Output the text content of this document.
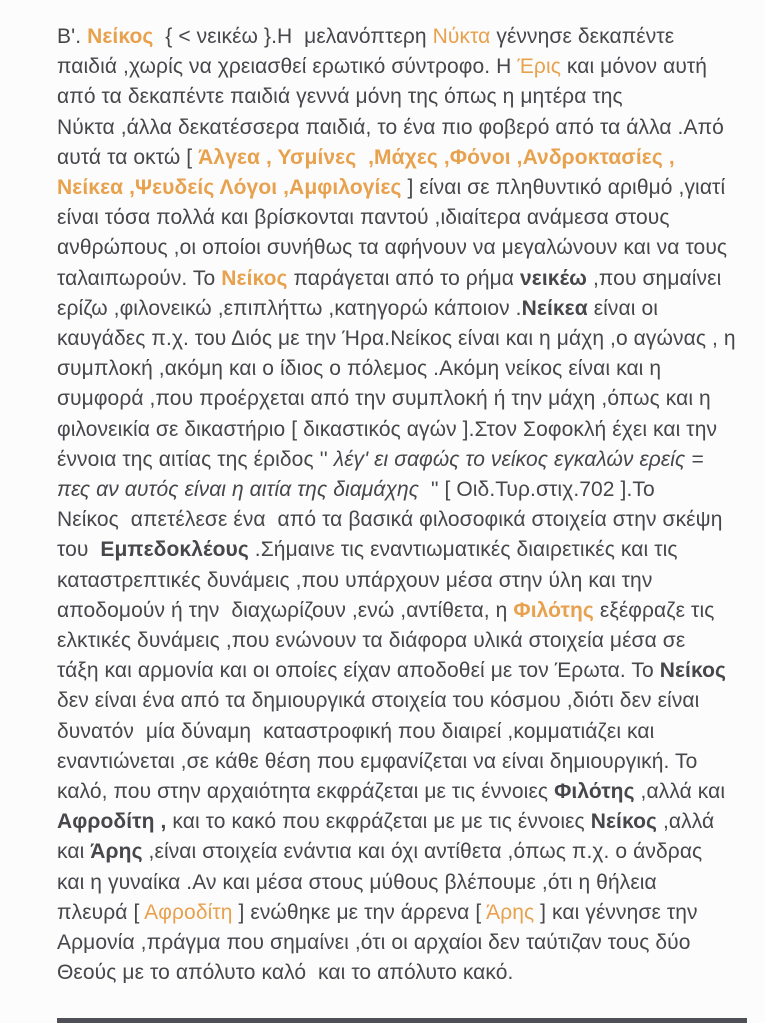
Β'. Νείκος  { < νεικέω }.Η  μελανόπτερη Νύκτα γέννησε δεκαπέντε
παιδιά ,χωρίς να χρειασθεί ερωτικό σύντροφο. Η Έρις και μόνον αυτή
από τα δεκαπέντε παιδιά γεννά μόνη της όπως η μητέρα της
Νύκτα ,άλλα δεκατέσσερα παιδιά, το ένα πιο φοβερό από τα άλλα .Από
αυτά τα οκτώ [ Άλγεα , Υσμίνες  ,Μάχες ,Φόνοι ,Ανδροκτασίες ,
Νείκεα ,Ψευδείς Λόγοι ,Αμφιλογίες ] είναι σε πληθυντικό αριθμό ,γιατί
είναι τόσα πολλά και βρίσκονται παντού ,ιδιαίτερα ανάμεσα στους
ανθρώπους ,οι οποίοι συνήθως τα αφήνουν να μεγαλώνουν και να τους
ταλαιπωρούν. Το Νείκος παράγεται από το ρήμα νεικέω ,που σημαίνει
ερίζω ,φιλονεικώ ,επιπλήττω ,κατηγορώ κάποιον .Νείκεα είναι οι
καυγάδες π.χ. του Διός με την Ήρα.Νείκος είναι και η μάχη ,ο αγώνας , η
συμπλοκή ,ακόμη και ο ίδιος ο πόλεμος .Ακόμη νείκος είναι και η
συμφορά ,που προέρχεται από την συμπλοκή ή την μάχη ,όπως και η
φιλονεικία σε δικαστήριο [ δικαστικός αγών ].Στον Σοφοκλή έχει και την
έννοια της αιτίας της έριδος '' λέγ' ει σαφώς το νείκος εγκαλών ερείς =
πες αν αυτός είναι η αιτία της διαμάχης  " [ Οιδ.Τυρ.στιχ.702 ].Το
Νείκος  απετέλεσε ένα  από τα βασικά φιλοσοφικά στοιχεία στην σκέψη
του  Εμπεδοκλέους .Σήμαινε τις εναντιωματικές διαιρετικές και τις
καταστρεπτικές δυνάμεις ,που υπάρχουν μέσα στην ύλη και την
αποδομούν ή την  διαχωρίζουν ,ενώ ,αντίθετα, η Φιλότης εξέφραζε τις
ελκτικές δυνάμεις ,που ενώνουν τα διάφορα υλικά στοιχεία μέσα σε
τάξη και αρμονία και οι οποίες είχαν αποδοθεί με τον Έρωτα. Το Νείκος
δεν είναι ένα από τα δημιουργικά στοιχεία του κόσμου ,διότι δεν είναι
δυνατόν  μία δύναμη  καταστροφική που διαιρεί ,κομματιάζει και
εναντιώνεται ,σε κάθε θέση που εμφανίζεται να είναι δημιουργική. Το
καλό, που στην αρχαιότητα εκφράζεται με τις έννοιες Φιλότης ,αλλά και
Αφροδίτη , και το κακό που εκφράζεται με με τις έννοιες Νείκος ,αλλά
και Άρης ,είναι στοιχεία ενάντια και όχι αντίθετα ,όπως π.χ. ο άνδρας
και η γυναίκα .Αν και μέσα στους μύθους βλέπουμε ,ότι η θήλεια
πλευρά [ Αφροδίτη ] ενώθηκε με την άρρενα [ Άρης ] και γέννησε την
Αρμονία ,πράγμα που σημαίνει ,ότι οι αρχαίοι δεν ταύτιζαν τους δύο
Θεούς με το απόλυτο καλό  και το απόλυτο κακό.
